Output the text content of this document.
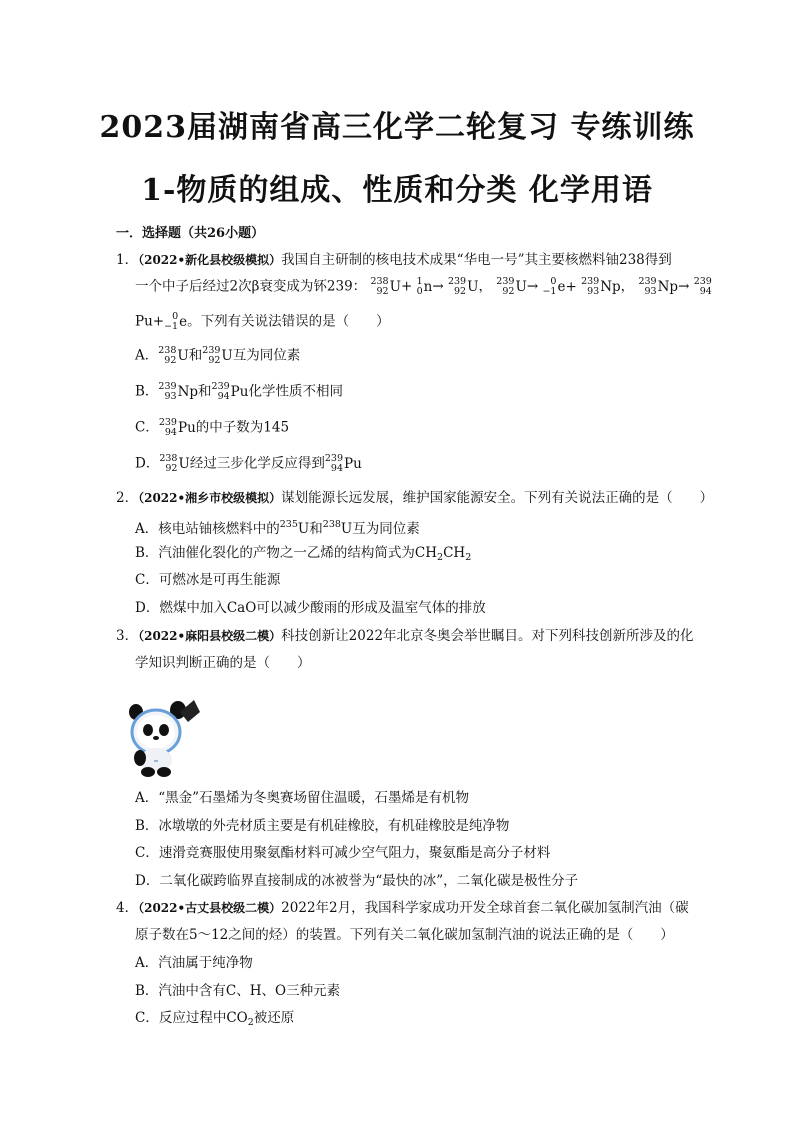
2023届湖南省高三化学二轮复习 专练训练
1-物质的组成、性质和分类 化学用语
一．选择题（共26小题）
1．（2022•新化县校级模拟）我国自主研制的核电技术成果“华电一号”其主要核燃料铀238得到
一个中子后经过2次β衰变成为钚239： 238
92 U + 1
0 n → 239
92 U ， 239
92 U →	0
−1 e+
239
93 Np ， 239
93 Np → 239
94
Pu+ 0
−1 e 。下列有关说法错误的是（　　）
A． 238
92 U 和 239
92 U 互为同位素
B． 239
93 Np 和 239
94 Pu 化学性质不相同
C． 239
94 Pu 的中子数为145
D． 238
92 U 经过三步化学反应得到 239
94 Pu
2．（2022•湘乡市校级模拟）谋划能源长远发展，维护国家能源安全。下列有关说法正确的是（　　）
A．核电站铀核燃料中的$^{235}$U和$^{238}$U互为同位素
B．汽油催化裂化的产物之一乙烯的结构简式为$CH_2CH_2$
C．可燃冰是可再生能源
D．燃煤中加入CaO可以减少酸雨的形成及温室气体的排放
3．（2022•麻阳县校级二模）科技创新让2022年北京冬奥会举世瞩目。对下列科技创新所涉及的化
学知识判断正确的是（　　）
≈
A．“黑金”石墨烯为冬奥赛场留住温暖，石墨烯是有机物
B．冰墩墩的外壳材质主要是有机硅橡胶，有机硅橡胶是纯净物
C．速滑竞赛服使用聚氨酯材料可减少空气阻力，聚氨酯是高分子材料
D．二氧化碳跨临界直接制成的冰被誉为“最快的冰”，二氧化碳是极性分子
4．（2022•古丈县校级二模）2022年2月，我国科学家成功开发全球首套二氧化碳加氢制汽油（碳
原子数在5～12之间的烃）的装置。下列有关二氧化碳加氢制汽油的说法正确的是（　　）
A．汽油属于纯净物
B．汽油中含有C、H、O三种元素
C．反应过程中$CO_2$被还原
